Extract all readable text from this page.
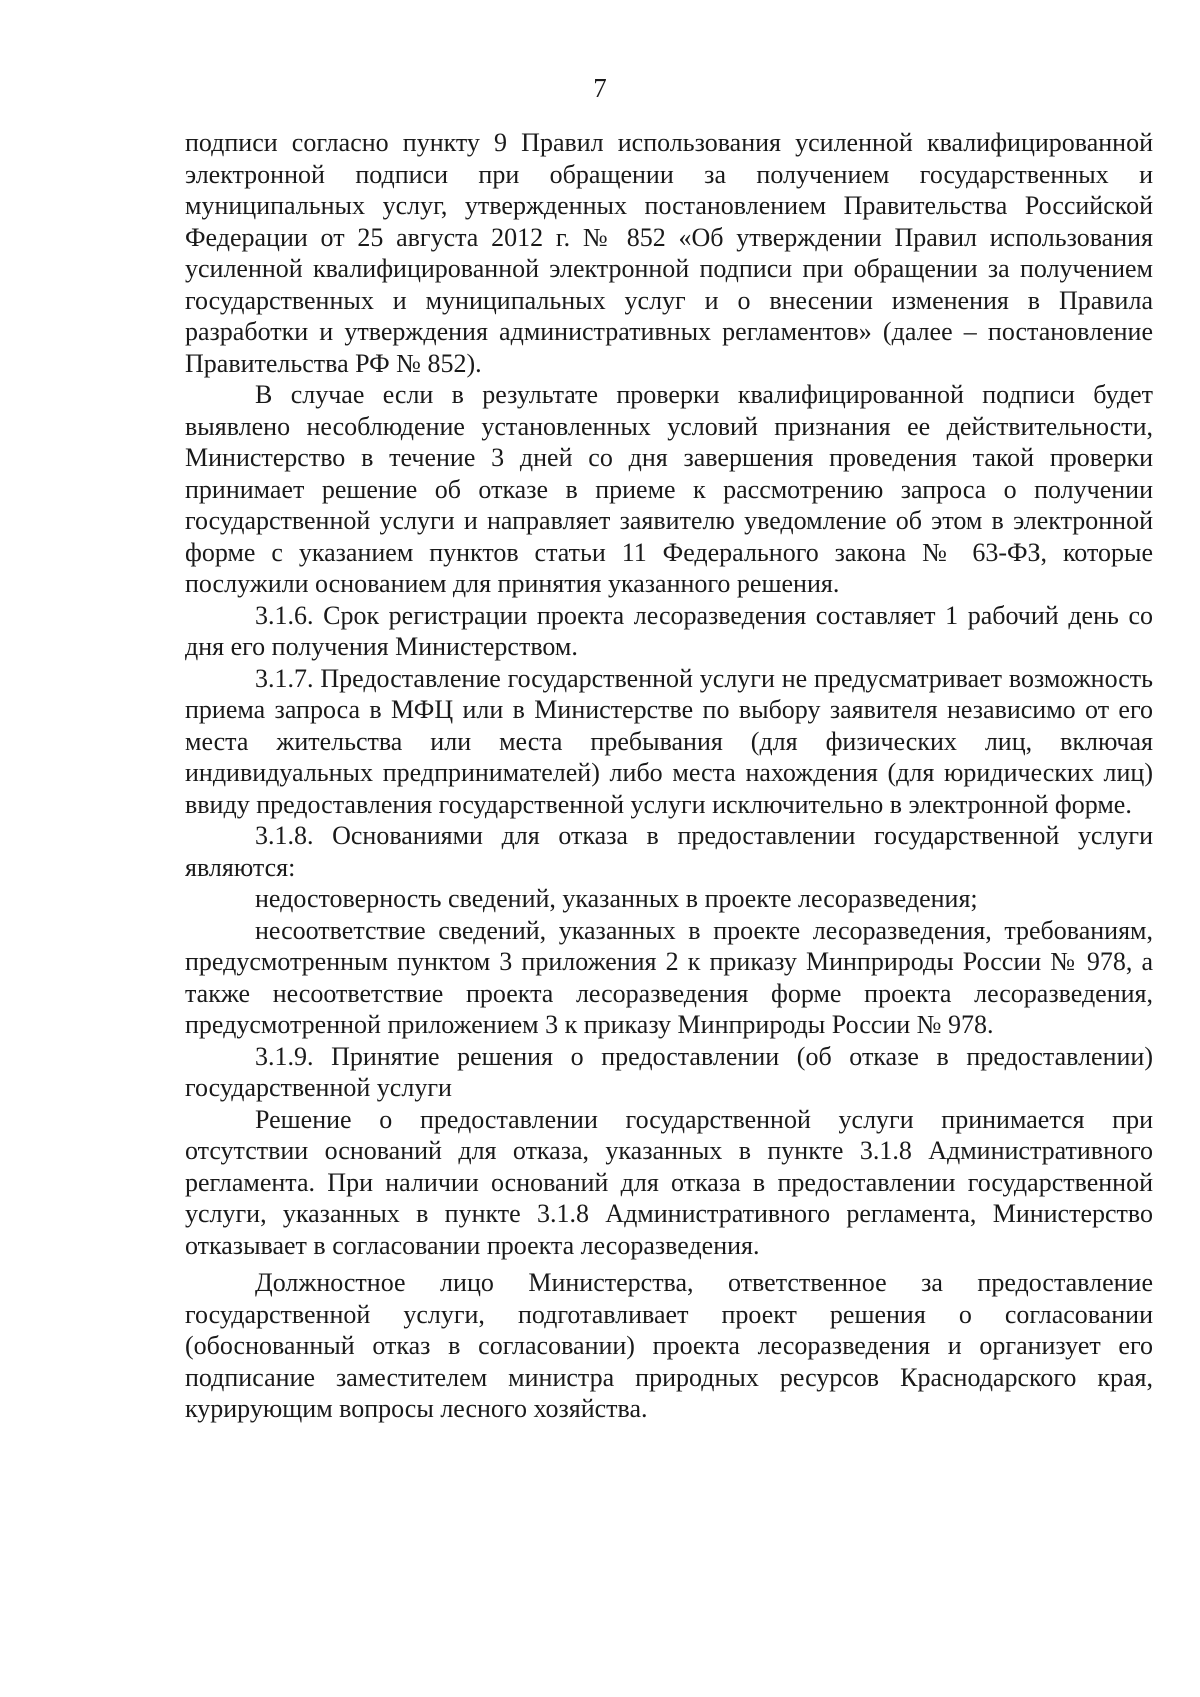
7

подписи согласно пункту 9 Правил использования усиленной квалифицированной электронной подписи при обращении за получением государственных и муниципальных услуг, утвержденных постановлением Правительства Российской Федерации от 25 августа 2012 г. № 852 «Об утверждении Правил использования усиленной квалифицированной электронной подписи при обращении за получением государственных и муниципальных услуг и о внесении изменения в Правила разработки и утверждения административных регламентов» (далее – постановление Правительства РФ № 852).

В случае если в результате проверки квалифицированной подписи будет выявлено несоблюдение установленных условий признания ее действительности, Министерство в течение 3 дней со дня завершения проведения такой проверки принимает решение об отказе в приеме к рассмотрению запроса о получении государственной услуги и направляет заявителю уведомление об этом в электронной форме с указанием пунктов статьи 11 Федерального закона № 63-ФЗ, которые послужили основанием для принятия указанного решения.

3.1.6. Срок регистрации проекта лесоразведения составляет 1 рабочий день со дня его получения Министерством.

3.1.7. Предоставление государственной услуги не предусматривает возможность приема запроса в МФЦ или в Министерстве по выбору заявителя независимо от его места жительства или места пребывания (для физических лиц, включая индивидуальных предпринимателей) либо места нахождения (для юридических лиц) ввиду предоставления государственной услуги исключительно в электронной форме.

3.1.8. Основаниями для отказа в предоставлении государственной услуги являются:

недостоверность сведений, указанных в проекте лесоразведения;

несоответствие сведений, указанных в проекте лесоразведения, требованиям, предусмотренным пунктом 3 приложения 2 к приказу Минприроды России № 978, а также несоответствие проекта лесоразведения форме проекта лесоразведения, предусмотренной приложением 3 к приказу Минприроды России № 978.

3.1.9. Принятие решения о предоставлении (об отказе в предоставлении) государственной услуги

Решение о предоставлении государственной услуги принимается при отсутствии оснований для отказа, указанных в пункте 3.1.8 Административного регламента. При наличии оснований для отказа в предоставлении государственной услуги, указанных в пункте 3.1.8 Административного регламента, Министерство отказывает в согласовании проекта лесоразведения.

Должностное лицо Министерства, ответственное за предоставление государственной услуги, подготавливает проект решения о согласовании (обоснованный отказ в согласовании) проекта лесоразведения и организует его подписание заместителем министра природных ресурсов Краснодарского края, курирующим вопросы лесного хозяйства.
